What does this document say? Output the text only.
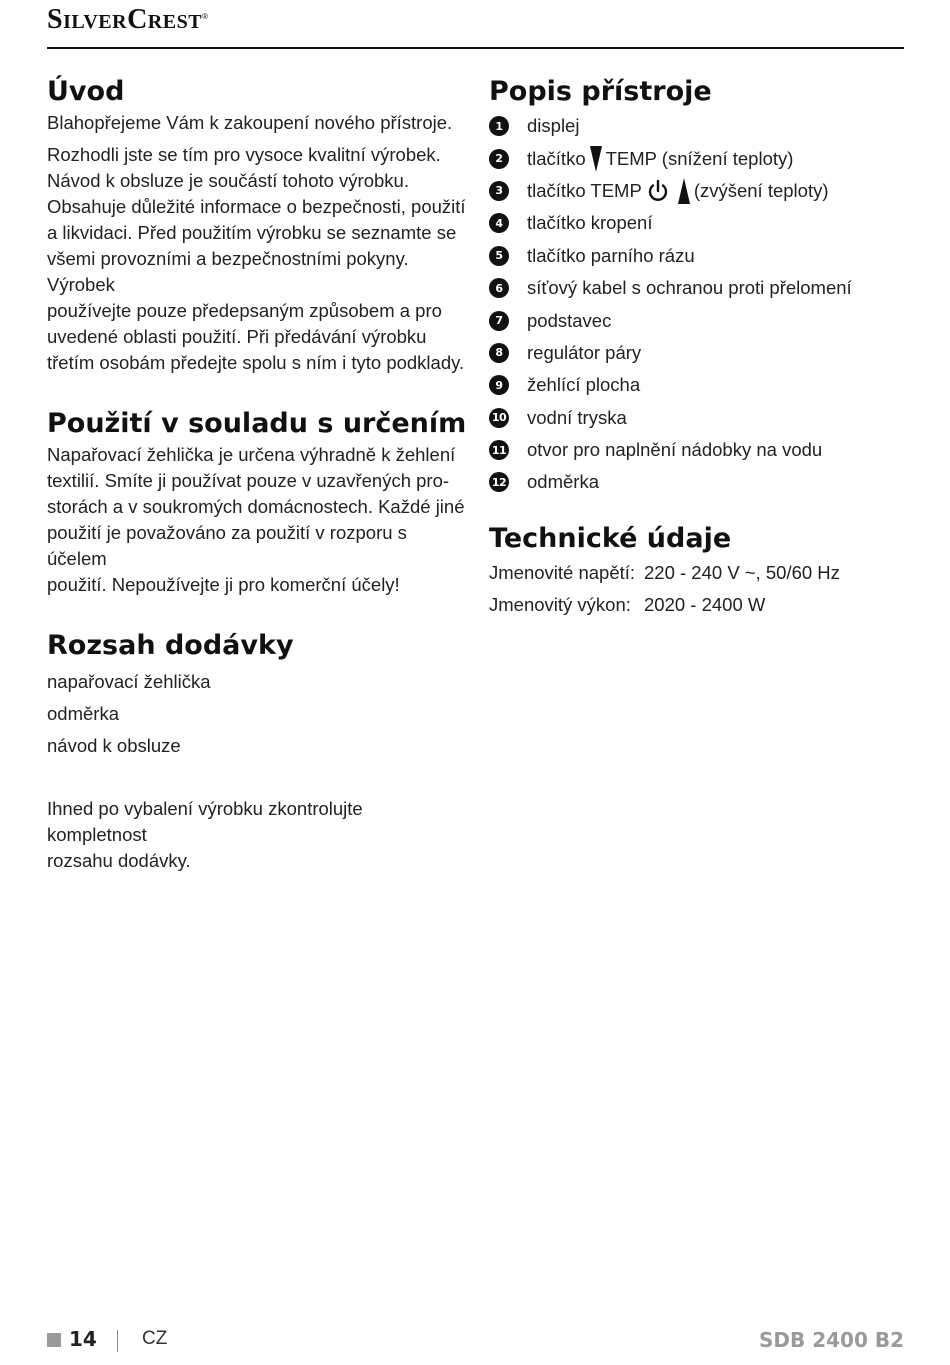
SilverCrest®
Úvod

Blahopřejeme Vám k zakoupení nového přístroje.

Rozhodli jste se tím pro vysoce kvalitní výrobek.
Návod k obsluze je součástí tohoto výrobku.
Obsahuje důležité informace o bezpečnosti, použití
a likvidaci. Před použitím výrobku se seznamte se
všemi provozními a bezpečnostními pokyny. Výrobek
používejte pouze předepsaným způsobem a pro
uvedené oblasti použití. Při předávání výrobku
třetím osobám předejte spolu s ním i tyto podklady.

Použití v souladu s určením

Napařovací žehlička je určena výhradně k žehlení
textilií. Smíte ji používat pouze v uzavřených pro-
storách a v soukromých domácnostech. Každé jiné
použití je považováno za použití v rozporu s účelem
použití. Nepoužívejte ji pro komerční účely!

Rozsah dodávky

napařovací žehlička

odměrka

návod k obsluze

Ihned po vybalení výrobku zkontrolujte kompletnost
rozsahu dodávky.

Popis přístroje
1	displej
2	tlačítko TEMP (snížení teploty)
3	tlačítko TEMP	(zvýšení teploty)
4	tlačítko kropení
5	tlačítko parního rázu
6	síťový kabel s ochranou proti přelomení
7	podstavec
8	regulátor páry
9	žehlící plocha
10 vodní tryska
11 otvor pro naplnění nádobky na vodu
12 odměrka
Technické údaje
Jmenovité napětí: 220 - 240 V ~, 50/60 Hz
Jmenovitý výkon: 2020 - 2400 W
14 CZ	SDB 2400 B2
